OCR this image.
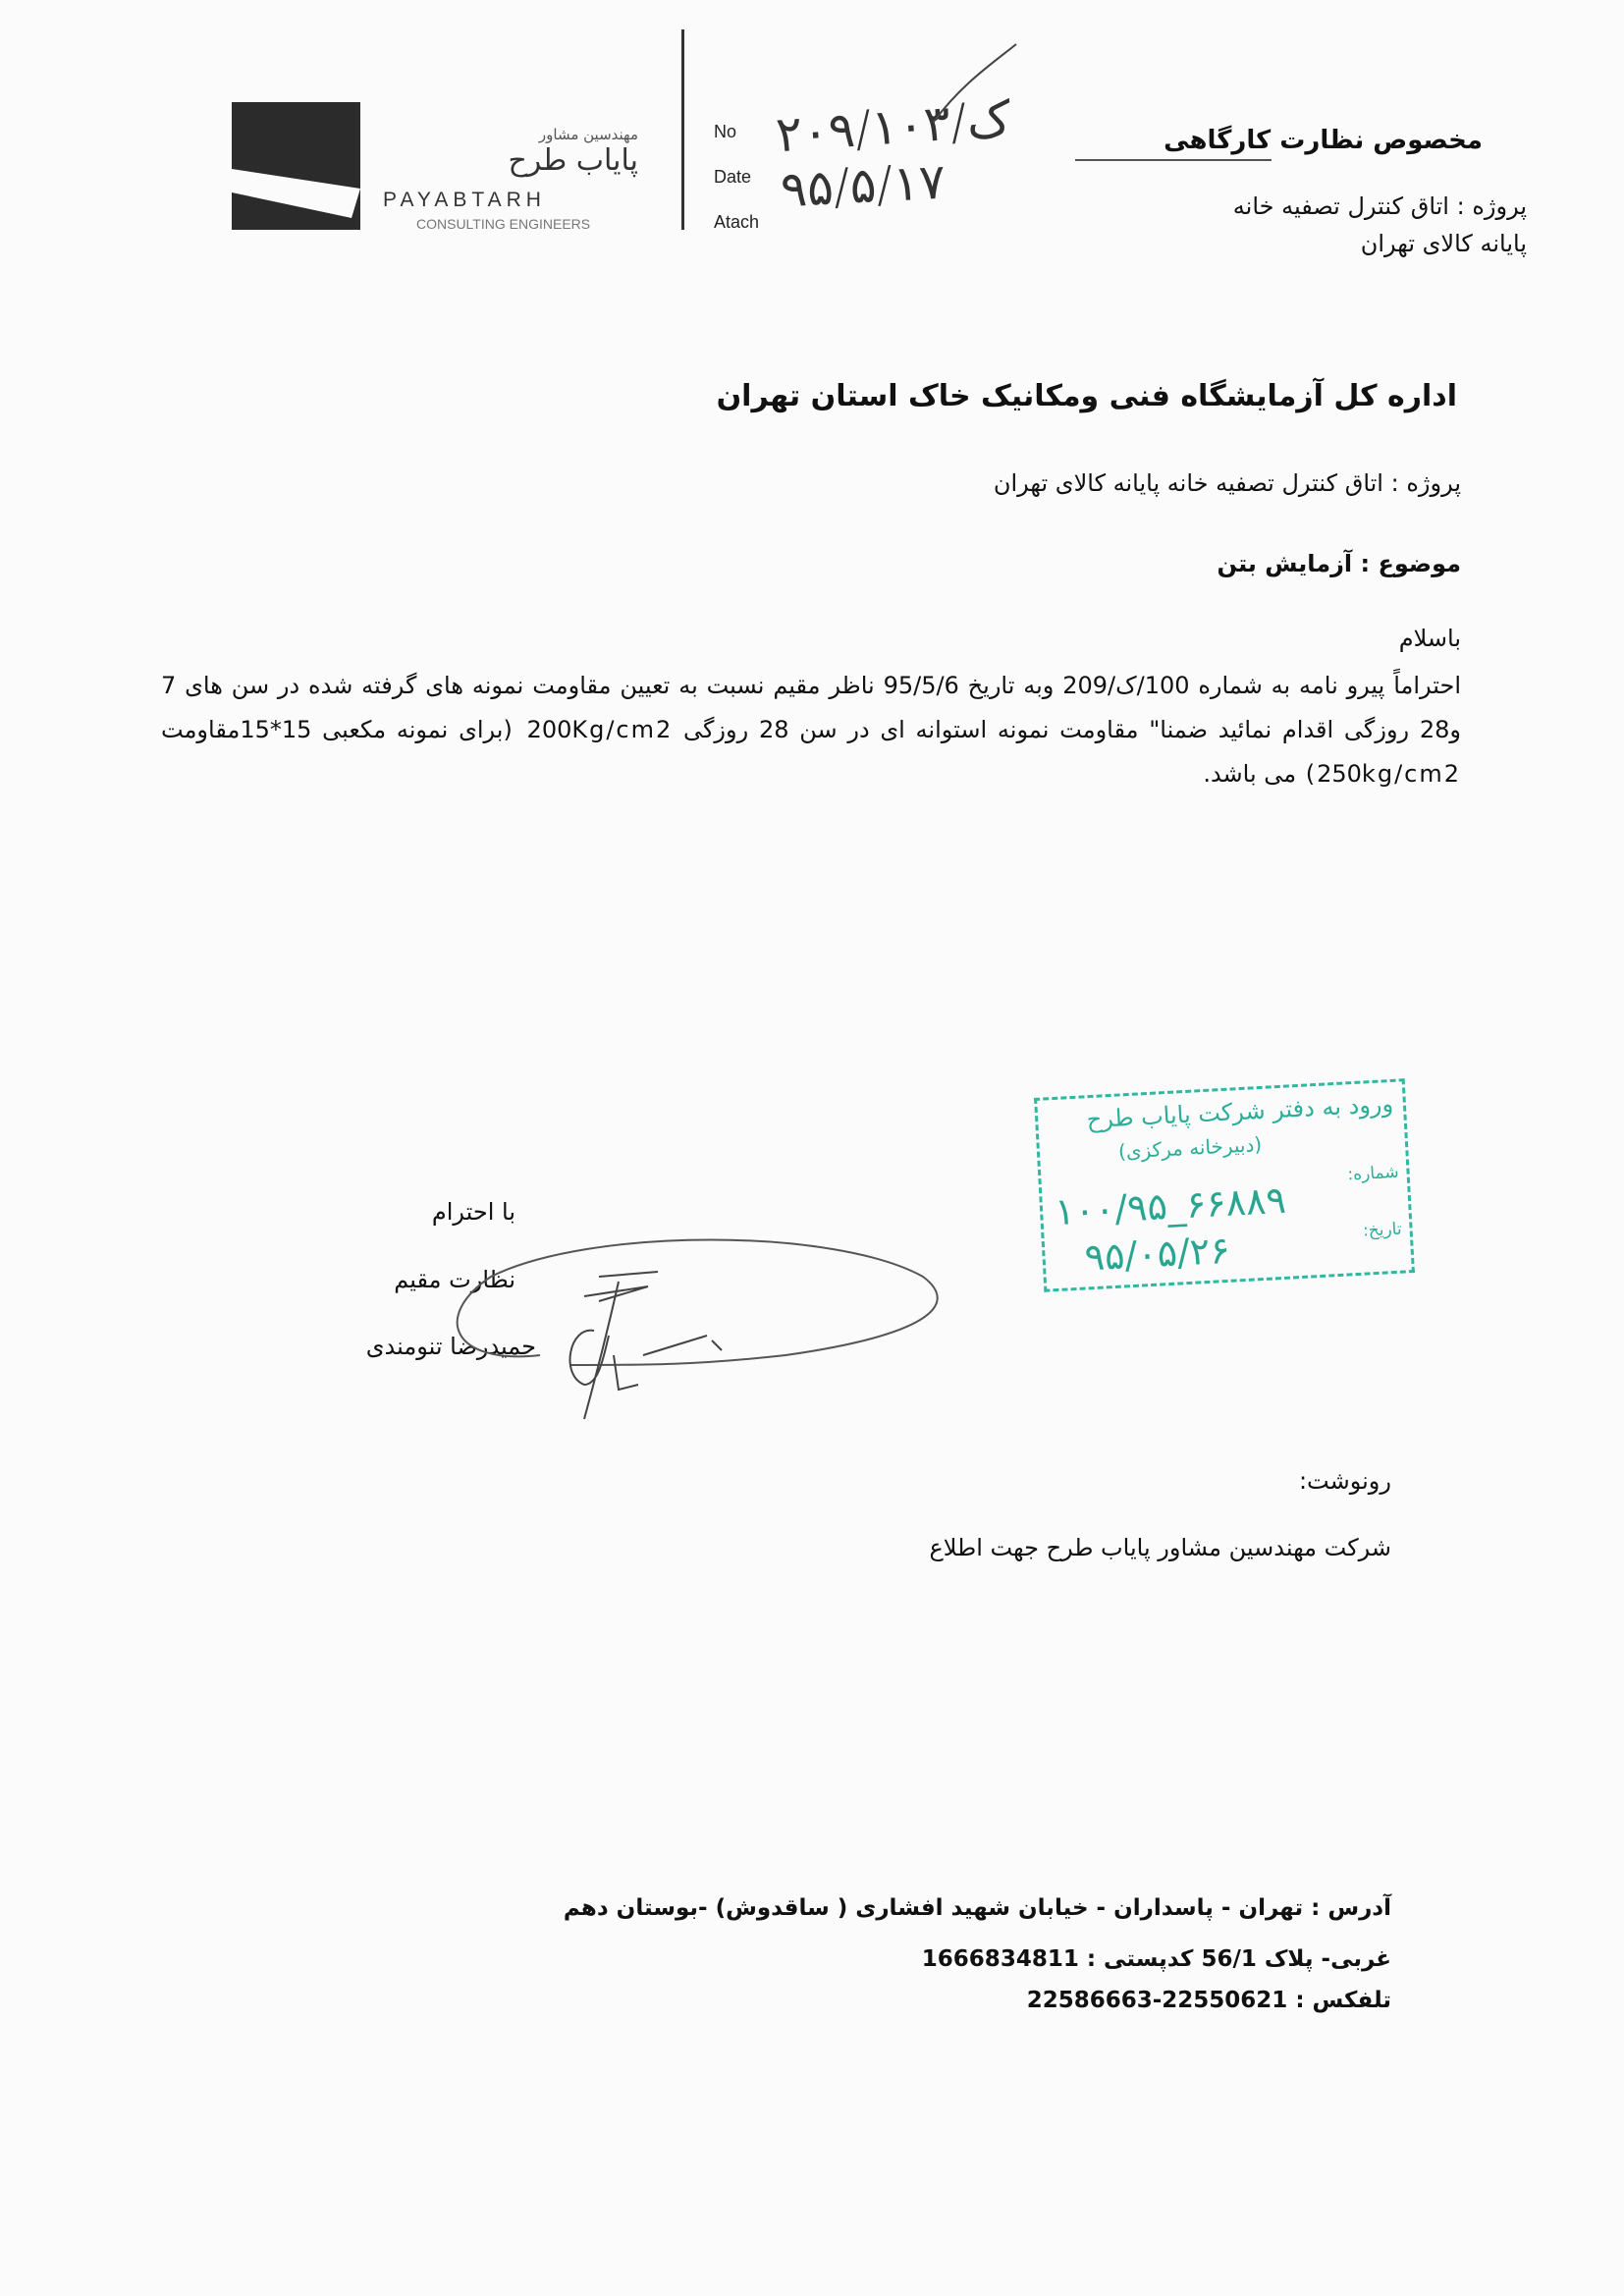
مهندسین مشاور
پایاب طرح
PAYABTARH
CONSULTING ENGINEERS
No
Date
Atach
۲۰۹/ک/۱۰۳
۹۵/۵/۱۷
مخصوص نظارت کارگاهی
پروژه : اتاق کنترل تصفیه خانه
پایانه کالای تهران
اداره کل آزمایشگاه فنی ومکانیک خاک استان تهران
پروژه : اتاق کنترل تصفیه خانه پایانه کالای تهران
موضوع : آزمایش بتن
باسلام
احتراماً پیرو نامه به شماره 100/ک/209 وبه تاریخ 95/5/6 ناظر مقیم نسبت به تعیین مقاومت نمونه های گرفته شده در سن های 7 و28 روزگی اقدام نمائید ضمنا" مقاومت نمونه استوانه ای در سن 28 روزگی 200Kg/cm2 (برای نمونه مکعبی 15*15مقاومت 250kg/cm2) می باشد.
ورود به دفتر شرکت پایاب طرح
(دبیرخانه مرکزی)
شماره:
۱۰۰/۹۵_۶۶۸۸۹	تاریخ:
۹۵/۰۵/۲۶
با احترام
نظارت مقیم
حمیدرضا تنومندی
رونوشت:
شرکت مهندسین مشاور پایاب طرح جهت اطلاع
آدرس : تهران - پاسداران - خیابان شهید افشاری ( ساقدوش) -بوستان دهم
غربی- پلاک 56/1 کدپستی : 1666834811
تلفکس : 22550621-22586663
